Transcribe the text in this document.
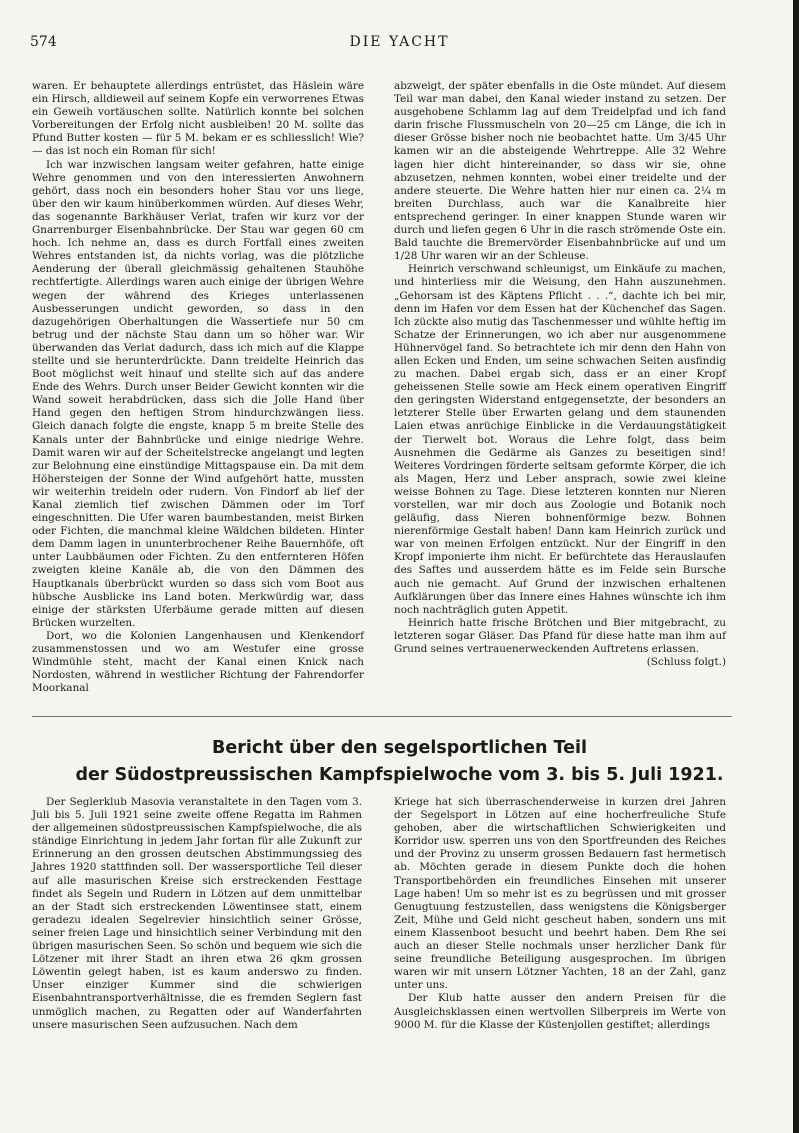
574	DIE YACHT

waren. Er behauptete allerdings entrüstet, das Häslein wäre ein Hirsch, alldieweil auf seinem Kopfe ein verworrenes Etwas ein Geweih vortäuschen sollte. Natürlich konnte bei solchen Vorbereitungen der Erfolg nicht ausbleiben! 20 M. sollte das Pfund Butter kosten — für 5 M. bekam er es schliesslich! Wie? — das ist noch ein Roman für sich!

Ich war inzwischen langsam weiter gefahren, hatte einige Wehre genommen und von den interessierten Anwohnern gehört, dass noch ein besonders hoher Stau vor uns liege, über den wir kaum hinüberkommen würden. Auf dieses Wehr, das sogenannte Barkhäuser Verlat, trafen wir kurz vor der Gnarrenburger Eisenbahnbrücke. Der Stau war gegen 60 cm hoch. Ich nehme an, dass es durch Fortfall eines zweiten Wehres entstanden ist, da nichts vorlag, was die plötzliche Aenderung der überall gleichmässig gehaltenen Stauhöhe rechtfertigte. Allerdings waren auch einige der übrigen Wehre wegen der während des Krieges unterlassenen Ausbesserungen undicht geworden, so dass in den dazugehörigen Oberhaltungen die Wassertiefe nur 50 cm betrug und der nächste Stau dann um so höher war. Wir überwanden das Verlat dadurch, dass ich mich auf die Klappe stellte und sie herunterdrückte. Dann treidelte Heinrich das Boot möglichst weit hinauf und stellte sich auf das andere Ende des Wehrs. Durch unser Beider Gewicht konnten wir die Wand soweit herabdrücken, dass sich die Jolle Hand über Hand gegen den heftigen Strom hindurchzwängen liess. Gleich danach folgte die engste, knapp 5 m breite Stelle des Kanals unter der Bahnbrücke und einige niedrige Wehre. Damit waren wir auf der Scheitelstrecke angelangt und legten zur Belohnung eine einstündige Mittagspause ein. Da mit dem Höhersteigen der Sonne der Wind aufgehört hatte, mussten wir weiterhin treideln oder rudern. Von Findorf ab lief der Kanal ziemlich tief zwischen Dämmen oder im Torf eingeschnitten. Die Ufer waren baumbestanden, meist Birken oder Fichten, die manchmal kleine Wäldchen bildeten. Hinter dem Damm lagen in ununterbrochener Reihe Bauernhöfe, oft unter Laubbäumen oder Fichten. Zu den entfernteren Höfen zweigten kleine Kanäle ab, die von den Dämmen des Hauptkanals überbrückt wurden so dass sich vom Boot aus hübsche Ausblicke ins Land boten. Merkwürdig war, dass einige der stärksten Uferbäume gerade mitten auf diesen Brücken wurzelten.

Dort, wo die Kolonien Langenhausen und Klenkendorf zusammenstossen und wo am Westufer eine grosse Windmühle steht, macht der Kanal einen Knick nach Nordosten, während in westlicher Richtung der Fahrendorfer Moorkanal

abzweigt, der später ebenfalls in die Oste mündet. Auf diesem Teil war man dabei, den Kanal wieder instand zu setzen. Der ausgehobene Schlamm lag auf dem Treidelpfad und ich fand darin frische Flussmuscheln von 20—25 cm Länge, die ich in dieser Grösse bisher noch nie beobachtet hatte. Um 3/45 Uhr kamen wir an die absteigende Wehrtreppe. Alle 32 Wehre lagen hier dicht hintereinander, so dass wir sie, ohne abzusetzen, nehmen konnten, wobei einer treidelte und der andere steuerte. Die Wehre hatten hier nur einen ca. 2¼ m breiten Durchlass, auch war die Kanalbreite hier entsprechend geringer. In einer knappen Stunde waren wir durch und liefen gegen 6 Uhr in die rasch strömende Oste ein. Bald tauchte die Bremervörder Eisenbahnbrücke auf und um 1/28 Uhr waren wir an der Schleuse.

Heinrich verschwand schleunigst, um Einkäufe zu machen, und hinterliess mir die Weisung, den Hahn auszunehmen. „Gehorsam ist des Käptens Pflicht . . .“, dachte ich bei mir, denn im Hafen vor dem Essen hat der Küchenchef das Sagen. Ich zückte also mutig das Taschenmesser und wühlte heftig im Schatze der Erinnerungen, wo ich aber nur ausgenommene Hühnervögel fand. So betrachtete ich mir denn den Hahn von allen Ecken und Enden, um seine schwachen Seiten ausfindig zu machen. Dabei ergab sich, dass er an einer Kropf geheissenen Stelle sowie am Heck einem operativen Eingriff den geringsten Widerstand entgegensetzte, der besonders an letzterer Stelle über Erwarten gelang und dem staunenden Laien etwas anrüchige Einblicke in die Verdauungstätigkeit der Tierwelt bot. Woraus die Lehre folgt, dass beim Ausnehmen die Gedärme als Ganzes zu beseitigen sind! Weiteres Vordringen förderte seltsam geformte Körper, die ich als Magen, Herz und Leber ansprach, sowie zwei kleine weisse Bohnen zu Tage. Diese letzteren konnten nur Nieren vorstellen, war mir doch aus Zoologie und Botanik noch geläufig, dass Nieren bohnenförmige bezw. Bohnen nierenförmige Gestalt haben! Dann kam Heinrich zurück und war von meinen Erfolgen entzückt. Nur der Eingriff in den Kropf imponierte ihm nicht. Er befürchtete das Herauslaufen des Saftes und ausserdem hätte es im Felde sein Bursche auch nie gemacht. Auf Grund der inzwischen erhaltenen Aufklärungen über das Innere eines Hahnes wünschte ich ihm noch nachträglich guten Appetit.

Heinrich hatte frische Brötchen und Bier mitgebracht, zu letzteren sogar Gläser. Das Pfand für diese hatte man ihm auf Grund seines vertrauenerweckenden Auftretens erlassen.

(Schluss folgt.)
Bericht über den segelsportlichen Teil
der Südostpreussischen Kampfspielwoche vom 3. bis 5. Juli 1921.

Der Seglerklub Masovia veranstaltete in den Tagen vom 3. Juli bis 5. Juli 1921 seine zweite offene Regatta im Rahmen der allgemeinen südostpreussischen Kampfspielwoche, die als ständige Einrichtung in jedem Jahr fortan für alle Zukunft zur Erinnerung an den grossen deutschen Abstimmungssieg des Jahres 1920 stattfinden soll. Der wassersportliche Teil dieser auf alle masurischen Kreise sich erstreckenden Festtage findet als Segeln und Rudern in Lötzen auf dem unmittelbar an der Stadt sich erstreckenden Löwentinsee statt, einem geradezu idealen Segelrevier hinsichtlich seiner Grösse, seiner freien Lage und hinsichtlich seiner Verbindung mit den übrigen masurischen Seen. So schön und bequem wie sich die Lötzener mit ihrer Stadt an ihren etwa 26 qkm grossen Löwentin gelegt haben, ist es kaum anderswo zu finden. Unser einziger Kummer sind die schwierigen Eisenbahntransportverhältnisse, die es fremden Seglern fast unmöglich machen, zu Regatten oder auf Wanderfahrten unsere masurischen Seen aufzusuchen. Nach dem

Kriege hat sich überraschenderweise in kurzen drei Jahren der Segelsport in Lötzen auf eine hocherfreuliche Stufe gehoben, aber die wirtschaftlichen Schwierigkeiten und Korridor usw. sperren uns von den Sportfreunden des Reiches und der Provinz zu unserm grossen Bedauern fast hermetisch ab. Möchten gerade in diesem Punkte doch die hohen Transportbehörden ein freundliches Einsehen mit unserer Lage haben! Um so mehr ist es zu begrüssen und mit grosser Genugtuung festzustellen, dass wenigstens die Königsberger Zeit, Mühe und Geld nicht gescheut haben, sondern uns mit einem Klassenboot besucht und beehrt haben. Dem Rhe sei auch an dieser Stelle nochmals unser herzlicher Dank für seine freundliche Beteiligung ausgesprochen. Im übrigen waren wir mit unsern Lötzner Yachten, 18 an der Zahl, ganz unter uns.

Der Klub hatte ausser den andern Preisen für die Ausgleichsklassen einen wertvollen Silberpreis im Werte von 9000 M. für die Klasse der Küstenjollen gestiftet; allerdings
